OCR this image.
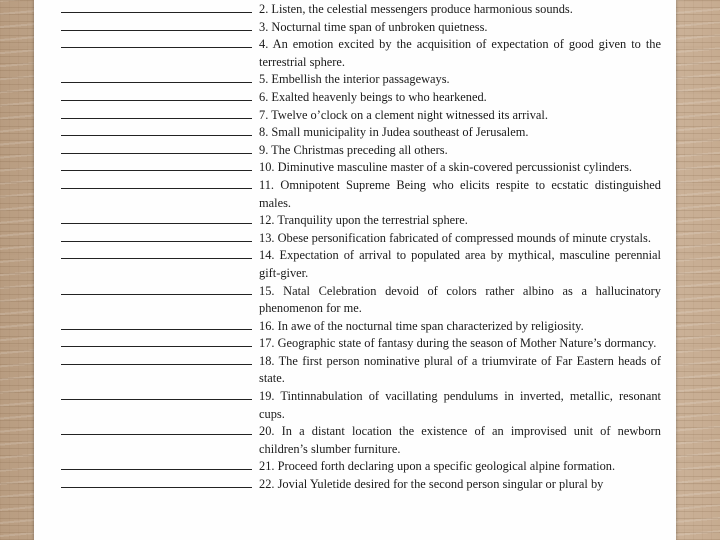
2. Listen, the celestial messengers produce harmonious sounds.
3. Nocturnal time span of unbroken quietness.
4. An emotion excited by the acquisition of expectation of good given to the terrestrial sphere.
5. Embellish the interior passageways.
6. Exalted heavenly beings to who hearkened.
7. Twelve o’clock on a clement night witnessed its arrival.
8. Small municipality in Judea southeast of Jerusalem.
9. The Christmas preceding all others.
10. Diminutive masculine master of a skin-covered percussionist cylinders.
11. Omnipotent Supreme Being who elicits respite to ecstatic distinguished males.
12. Tranquility upon the terrestrial sphere.
13. Obese personification fabricated of compressed mounds of minute crystals.
14. Expectation of arrival to populated area by mythical, masculine perennial gift-giver.
15. Natal Celebration devoid of colors rather albino as a hallucinatory phenomenon for me.
16. In awe of the nocturnal time span characterized by religiosity.
17. Geographic state of fantasy during the season of Mother Nature’s dormancy.
18. The first person nominative plural of a triumvirate of Far Eastern heads of state.
19. Tintinnabulation of vacillating pendulums in inverted, metallic, resonant cups.
20. In a distant location the existence of an improvised unit of newborn children’s slumber furniture.
21. Proceed forth declaring upon a specific geological alpine formation.
22. Jovial Yuletide desired for the second person singular or plural by
